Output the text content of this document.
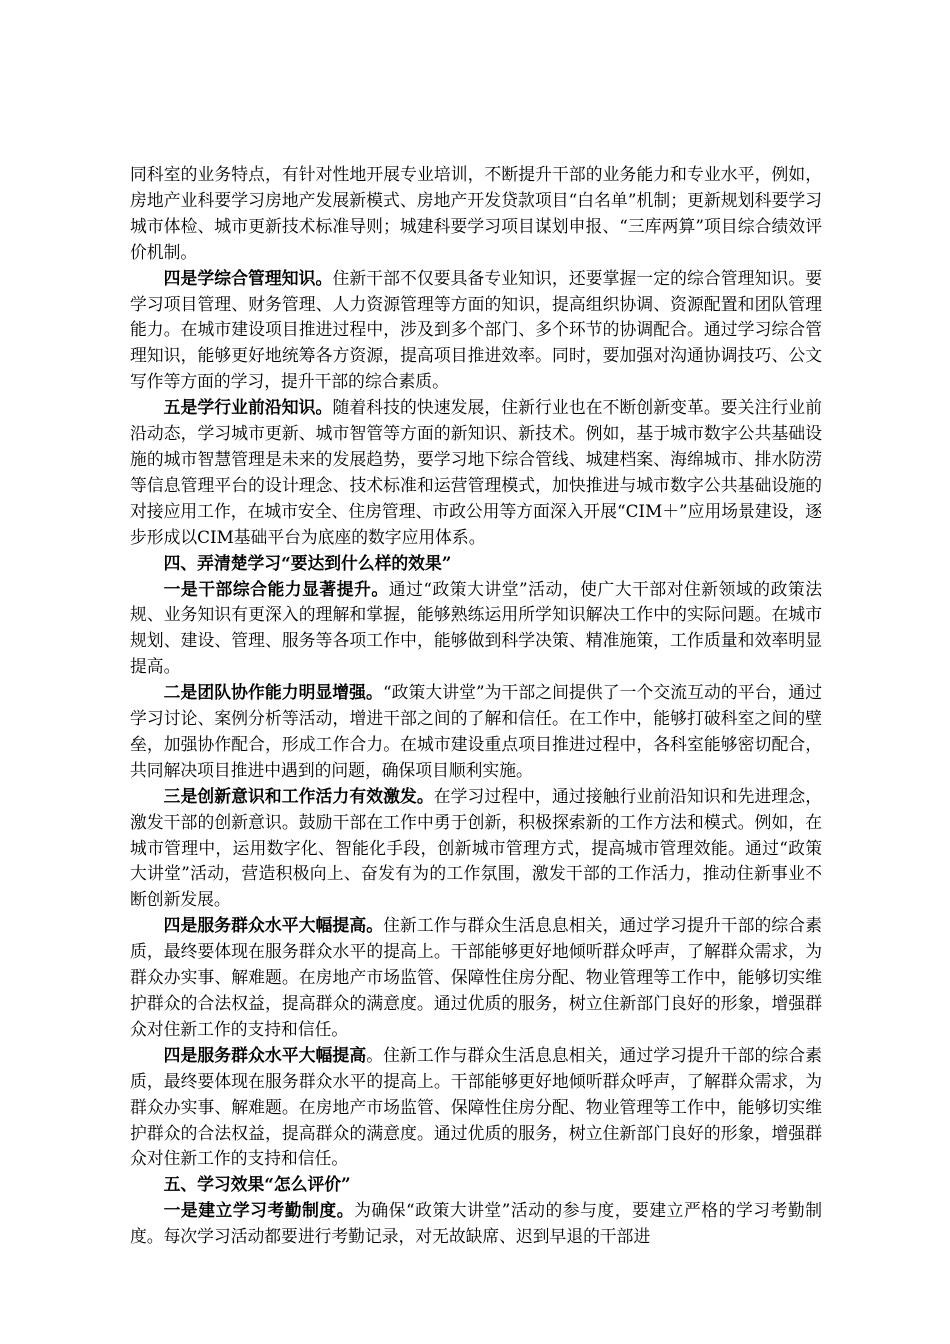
同科室的业务特点，有针对性地开展专业培训，不断提升干部的业务能力和专业水平，例如，房地产业科要学习房地产发展新模式、房地产开发贷款项目“白名单”机制；更新规划科要学习城市体检、城市更新技术标准导则；城建科要学习项目谋划申报、“三库两算”项目综合绩效评价机制。

四是学综合管理知识。住新干部不仅要具备专业知识，还要掌握一定的综合管理知识。要学习项目管理、财务管理、人力资源管理等方面的知识，提高组织协调、资源配置和团队管理能力。在城市建设项目推进过程中，涉及到多个部门、多个环节的协调配合。通过学习综合管理知识，能够更好地统筹各方资源，提高项目推进效率。同时，要加强对沟通协调技巧、公文写作等方面的学习，提升干部的综合素质。

五是学行业前沿知识。随着科技的快速发展，住新行业也在不断创新变革。要关注行业前沿动态，学习城市更新、城市智管等方面的新知识、新技术。例如，基于城市数字公共基础设施的城市智慧管理是未来的发展趋势，要学习地下综合管线、城建档案、海绵城市、排水防涝等信息管理平台的设计理念、技术标准和运营管理模式，加快推进与城市数字公共基础设施的对接应用工作，在城市安全、住房管理、市政公用等方面深入开展“CIM＋”应用场景建设，逐步形成以CIM基础平台为底座的数字应用体系。

四、弄清楚学习“要达到什么样的效果”

一是干部综合能力显著提升。通过“政策大讲堂”活动，使广大干部对住新领域的政策法规、业务知识有更深入的理解和掌握，能够熟练运用所学知识解决工作中的实际问题。在城市规划、建设、管理、服务等各项工作中，能够做到科学决策、精准施策，工作质量和效率明显提高。

二是团队协作能力明显增强。“政策大讲堂”为干部之间提供了一个交流互动的平台，通过学习讨论、案例分析等活动，增进干部之间的了解和信任。在工作中，能够打破科室之间的壁垒，加强协作配合，形成工作合力。在城市建设重点项目推进过程中，各科室能够密切配合，共同解决项目推进中遇到的问题，确保项目顺利实施。

三是创新意识和工作活力有效激发。在学习过程中，通过接触行业前沿知识和先进理念，激发干部的创新意识。鼓励干部在工作中勇于创新，积极探索新的工作方法和模式。例如，在城市管理中，运用数字化、智能化手段，创新城市管理方式，提高城市管理效能。通过“政策大讲堂”活动，营造积极向上、奋发有为的工作氛围，激发干部的工作活力，推动住新事业不断创新发展。

四是服务群众水平大幅提高。住新工作与群众生活息息相关，通过学习提升干部的综合素质，最终要体现在服务群众水平的提高上。干部能够更好地倾听群众呼声，了解群众需求，为群众办实事、解难题。在房地产市场监管、保障性住房分配、物业管理等工作中，能够切实维护群众的合法权益，提高群众的满意度。通过优质的服务，树立住新部门良好的形象，增强群众对住新工作的支持和信任。

四是服务群众水平大幅提高。住新工作与群众生活息息相关，通过学习提升干部的综合素质，最终要体现在服务群众水平的提高上。干部能够更好地倾听群众呼声，了解群众需求，为群众办实事、解难题。在房地产市场监管、保障性住房分配、物业管理等工作中，能够切实维护群众的合法权益，提高群众的满意度。通过优质的服务，树立住新部门良好的形象，增强群众对住新工作的支持和信任。

五、学习效果“怎么评价”

一是建立学习考勤制度。为确保“政策大讲堂”活动的参与度，要建立严格的学习考勤制度。每次学习活动都要进行考勤记录，对无故缺席、迟到早退的干部进
